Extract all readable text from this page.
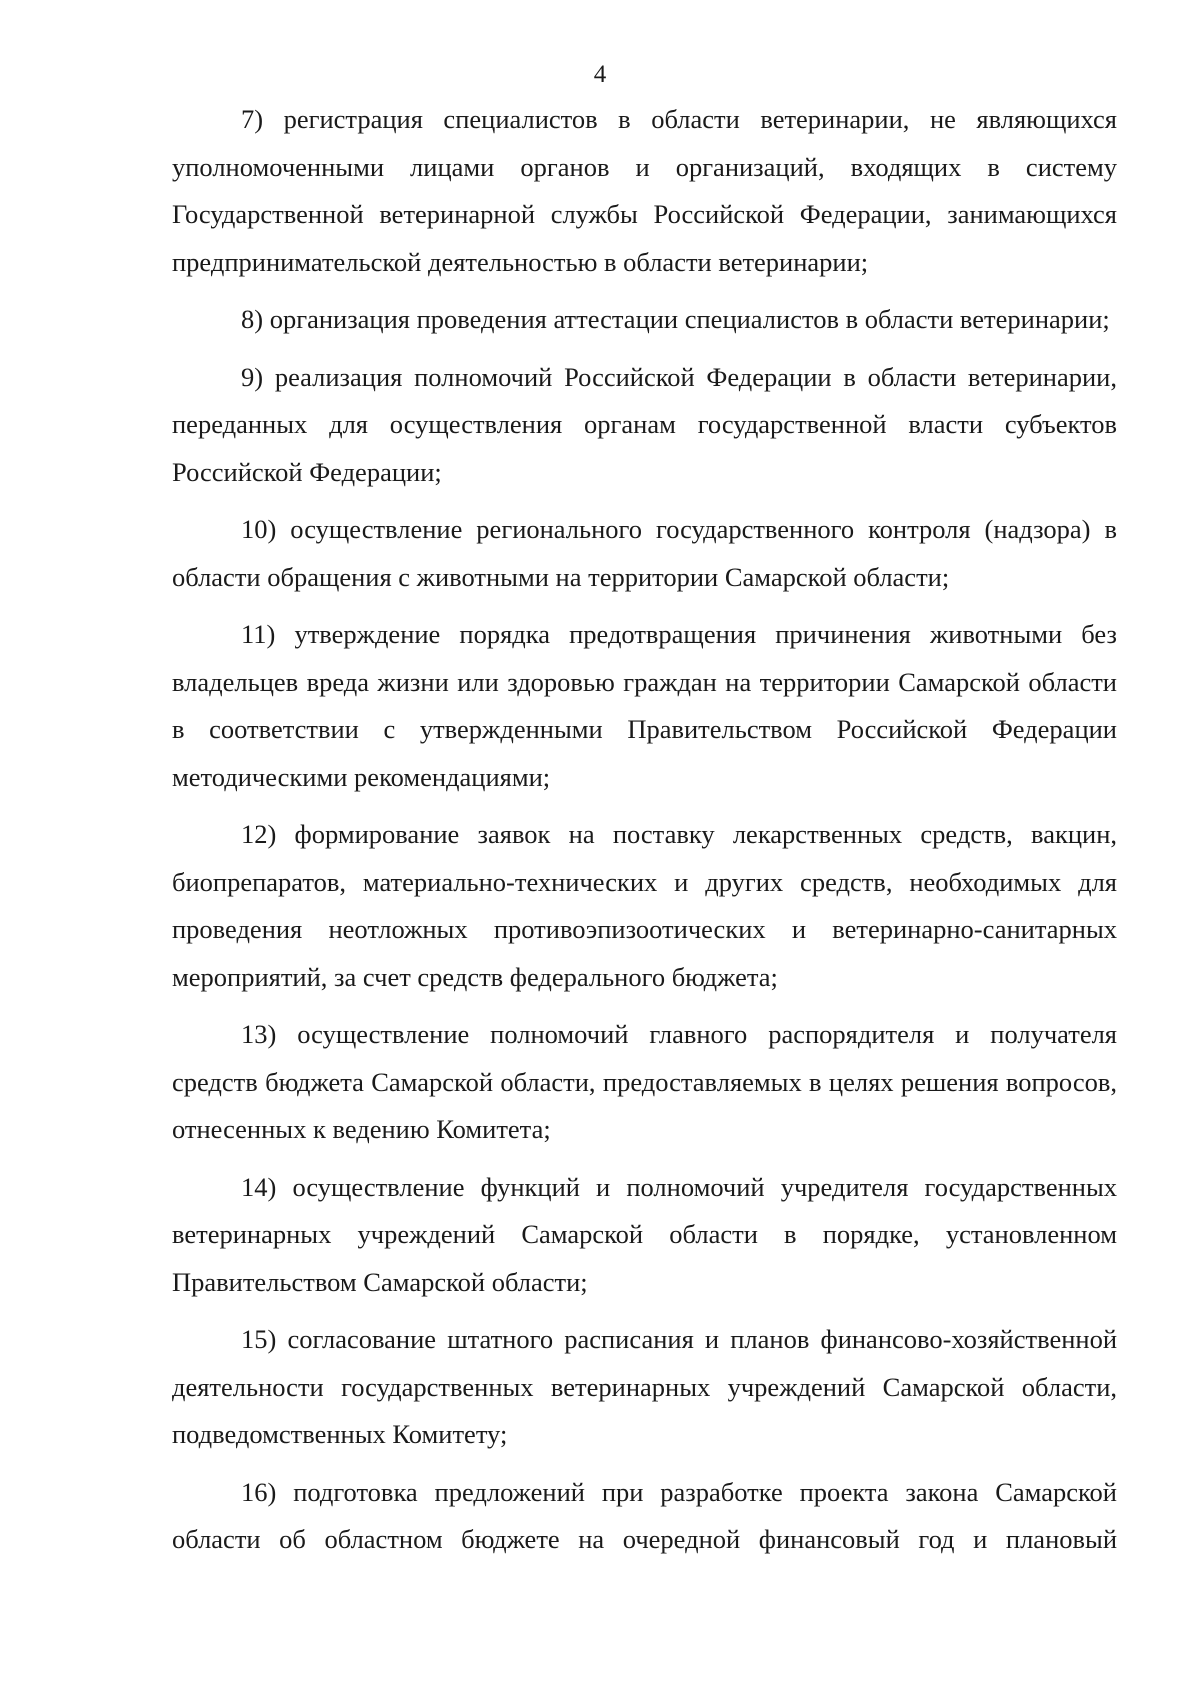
4

7) регистрация специалистов в области ветеринарии, не являющихся уполномоченными лицами органов и организаций, входящих в систему Государственной ветеринарной службы Российской Федерации, занимающихся предпринимательской деятельностью в области ветеринарии;

8) организация проведения аттестации специалистов в области ветеринарии;

9) реализация полномочий Российской Федерации в области ветеринарии, переданных для осуществления органам государственной власти субъектов Российской Федерации;

10) осуществление регионального государственного контроля (надзора) в области обращения с животными на территории Самарской области;

11) утверждение порядка предотвращения причинения животными без владельцев вреда жизни или здоровью граждан на территории Самарской области в соответствии с утвержденными Правительством Российской Федерации методическими рекомендациями;

12) формирование заявок на поставку лекарственных средств, вакцин, биопрепаратов, материально-технических и других средств, необходимых для проведения неотложных противоэпизоотических и ветеринарно-санитарных мероприятий, за счет средств федерального бюджета;

13) осуществление полномочий главного распорядителя и получателя средств бюджета Самарской области, предоставляемых в целях решения вопросов, отнесенных к ведению Комитета;

14) осуществление функций и полномочий учредителя государственных ветеринарных учреждений Самарской области в порядке, установленном Правительством Самарской области;

15) согласование штатного расписания и планов финансово-хозяйственной деятельности государственных ветеринарных учреждений Самарской области, подведомственных Комитету;

16) подготовка предложений при разработке проекта закона Самарской области об областном бюджете на очередной финансовый год и плановый
